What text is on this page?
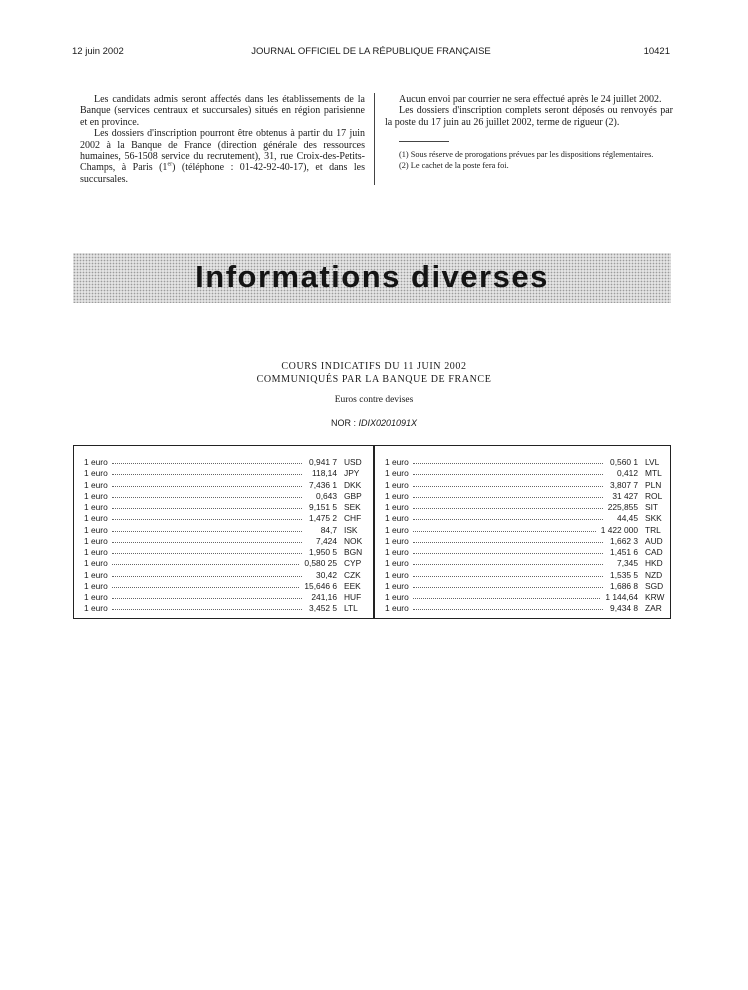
12 juin 2002	JOURNAL OFFICIEL DE LA RÉPUBLIQUE FRANÇAISE	10421

Les candidats admis seront affectés dans les établissements de la Banque (services centraux et succursales) situés en région parisienne et en province.

Les dossiers d'inscription pourront être obtenus à partir du 17 juin 2002 à la Banque de France (direction générale des ressources humaines, 56-1508 service du recrutement), 31, rue Croix-des-Petits-Champs, à Paris (1er) (téléphone : 01-42-92-40-17), et dans les succursales.

Aucun envoi par courrier ne sera effectué après le 24 juillet 2002.

Les dossiers d'inscription complets seront déposés ou renvoyés par la poste du 17 juin au 26 juillet 2002, terme de rigueur (2).

(1) Sous réserve de prorogations prévues par les dispositions réglementaires.

(2) Le cachet de la poste fera foi.

Informations diverses
COURS INDICATIFS DU 11 JUIN 2002
COMMUNIQUÉS PAR LA BANQUE DE FRANCE
Euros contre devises
NOR : IDIX0201091X
1 euro	0,941 7 USD
1 euro	118,14 JPY
1 euro	7,436 1 DKK
1 euro	0,643 GBP
1 euro	9,151 5 SEK
1 euro	1,475 2 CHF
1 euro	84,7 ISK
1 euro	7,424 NOK
1 euro	1,950 5 BGN
1 euro	0,580 25 CYP
1 euro	30,42 CZK
1 euro	15,646 6 EEK
1 euro	241,16 HUF
1 euro	3,452 5 LTL
1 euro	0,560 1 LVL
1 euro	0,412 MTL
1 euro	3,807 7 PLN
1 euro	31 427 ROL
1 euro	225,855 SIT
1 euro	44,45 SKK
1 euro	1 422 000 TRL
1 euro	1,662 3 AUD
1 euro	1,451 6 CAD
1 euro	7,345 HKD
1 euro	1,535 5 NZD
1 euro	1,686 8 SGD
1 euro	1 144,64 KRW
1 euro	9,434 8 ZAR
